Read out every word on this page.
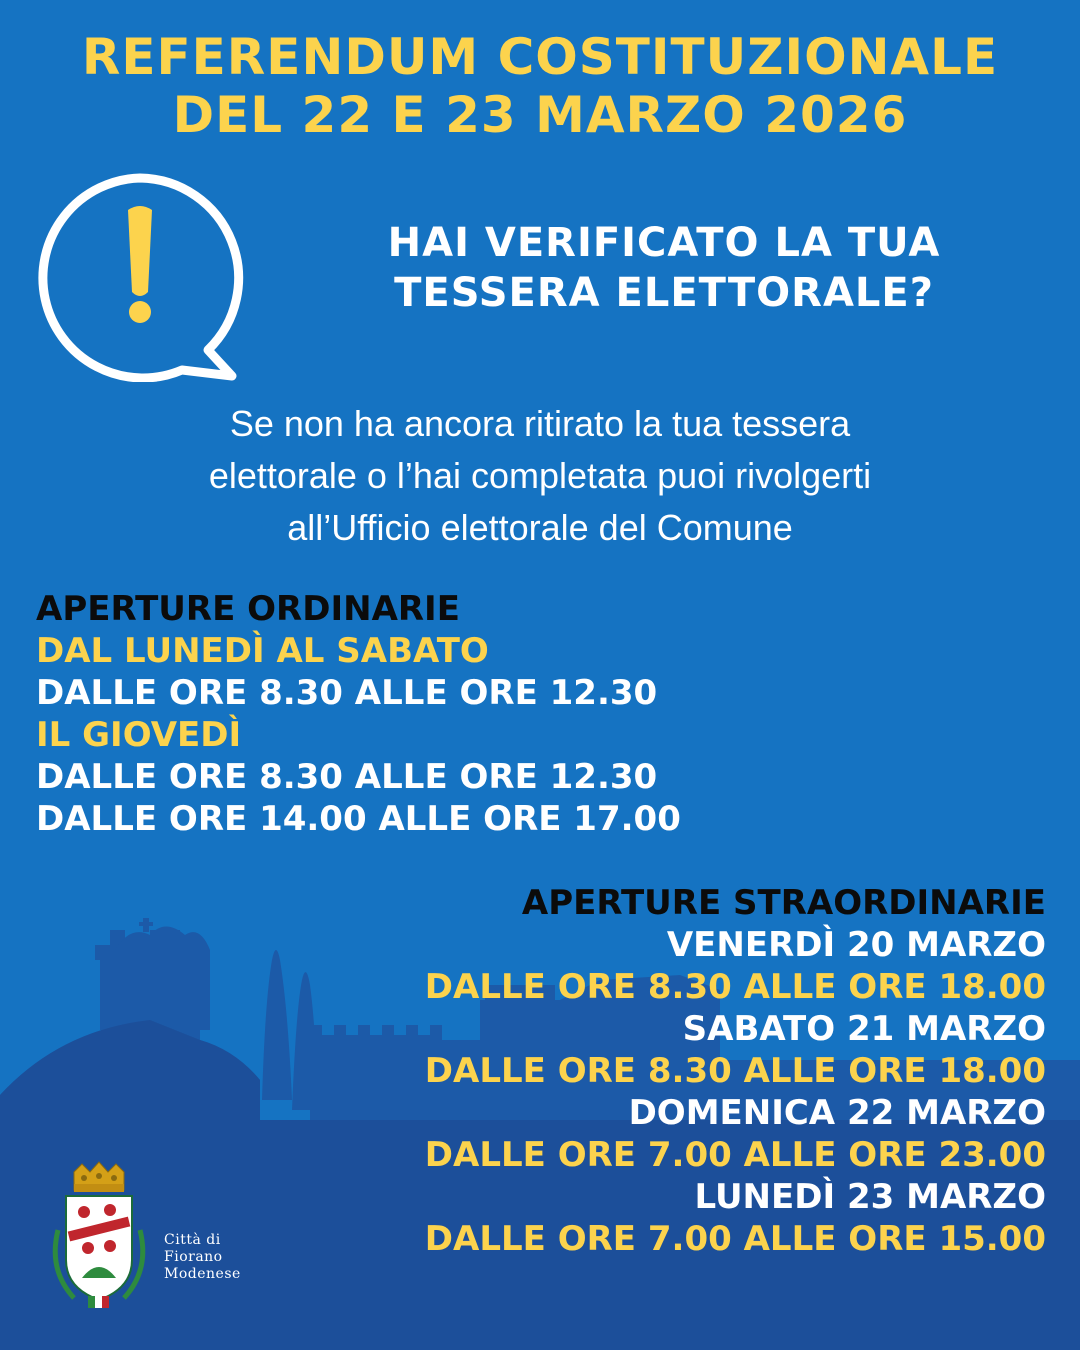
REFERENDUM COSTITUZIONALE
DEL 22 E 23 MARZO 2026
HAI VERIFICATO LA TUA
TESSERA ELETTORALE?
Se non ha ancora ritirato la tua tessera
elettorale o l’hai completata puoi rivolgerti
all’Ufficio elettorale del Comune
APERTURE ORDINARIE
DAL LUNEDÌ AL SABATO
DALLE ORE 8.30 ALLE ORE 12.30
IL GIOVEDÌ
DALLE ORE 8.30 ALLE ORE 12.30
DALLE ORE 14.00 ALLE ORE 17.00
APERTURE STRAORDINARIE
VENERDÌ 20 MARZO
DALLE ORE 8.30 ALLE ORE 18.00
SABATO 21 MARZO
DALLE ORE 8.30 ALLE ORE 18.00
DOMENICA 22 MARZO
DALLE ORE 7.00 ALLE ORE 23.00
LUNEDÌ 23 MARZO
DALLE ORE 7.00 ALLE ORE 15.00
Città di
Fiorano
Modenese
